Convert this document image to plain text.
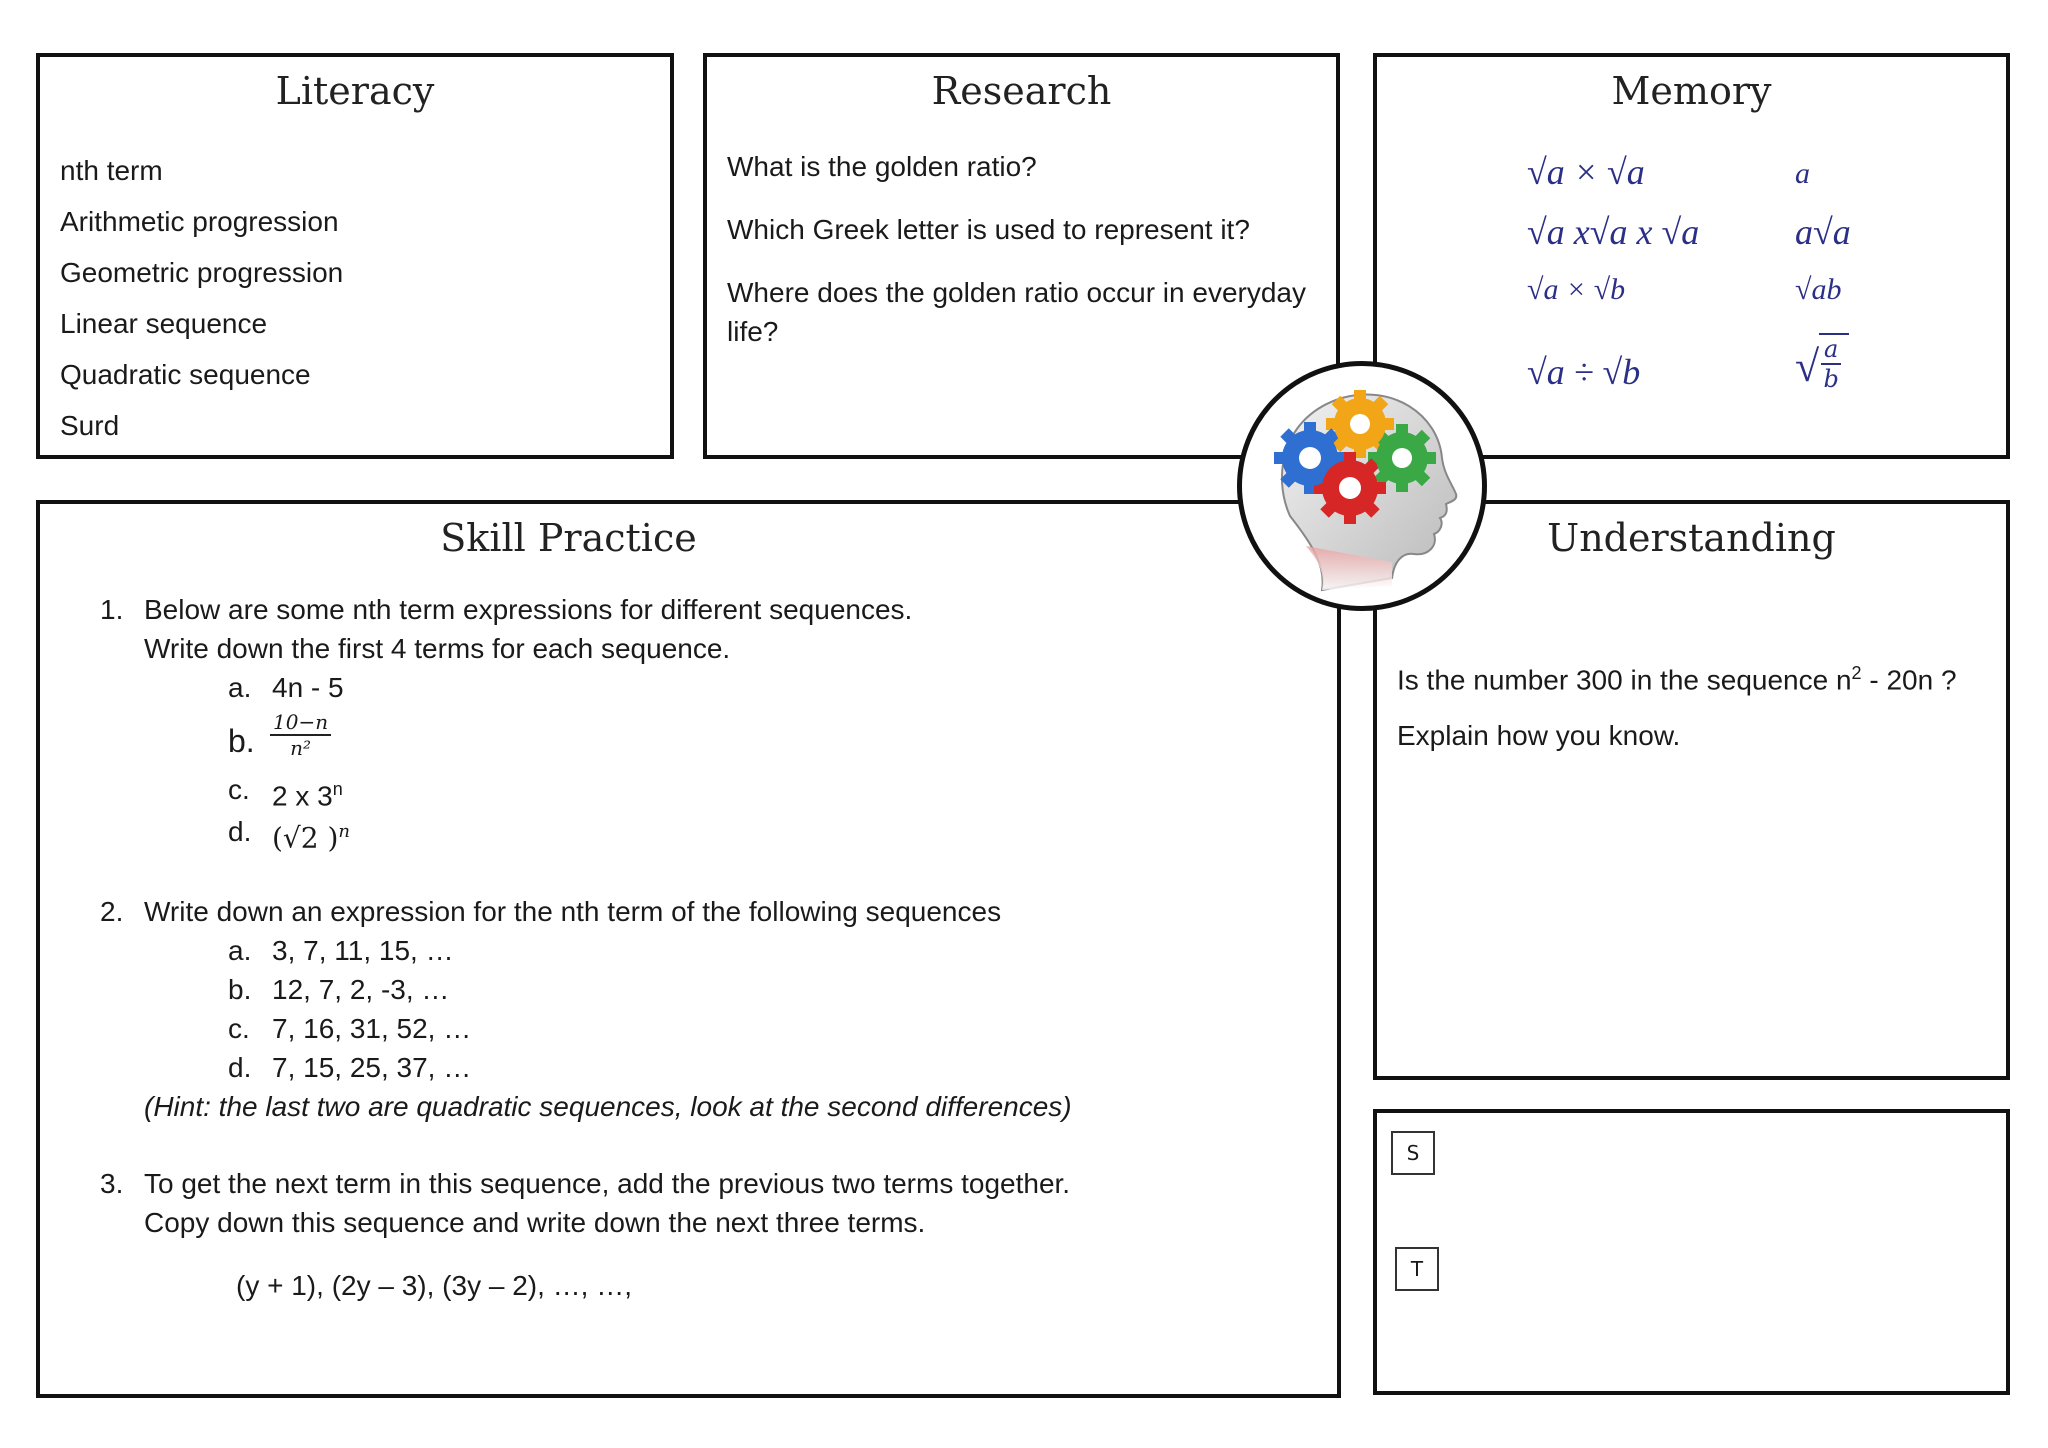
Literacy
nth term
Arithmetic progression
Geometric progression
Linear sequence
Quadratic sequence
Surd
Research
What is the golden ratio?
Which Greek letter is used to represent it?
Where does the golden ratio occur in everyday life?
Memory
√a × √a	a
√a x√a x √a	a√a
√a × √b	√ab
√a ÷ √b	√ $\frac{a}{b}$
Skill Practice
1. Below are some nth term expressions for different sequences.
Write down the first 4 terms for each sequence.
a. 4n - 5
b. $\frac{10-n}{\text{n²}}$
c. 2 x 3$^n$
d. (√2 )$^n$
2. Write down an expression for the nth term of the following sequences
a. 3, 7, 11, 15, …
b. 12, 7, 2, -3, …
c. 7, 16, 31, 52, …
d. 7, 15, 25, 37, …
(Hint: the last two are quadratic sequences, look at the second differences)
3. To get the next term in this sequence, add the previous two terms together.
Copy down this sequence and write down the next three terms.
(y + 1), (2y – 3), (3y – 2), …, …,
Understanding
Is the number 300 in the sequence $n^2 - 20n$ ?
Explain how you know.
S
T
